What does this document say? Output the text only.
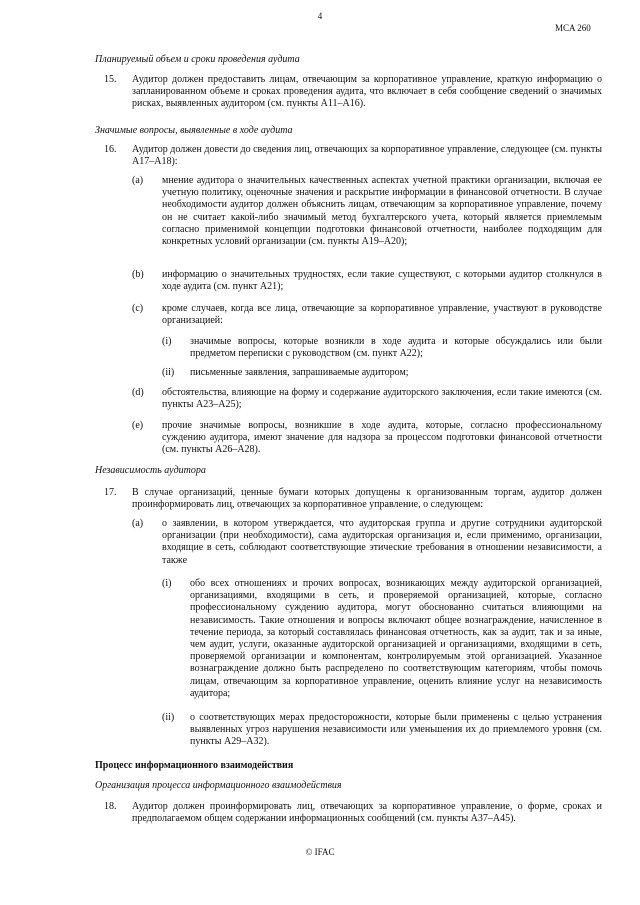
4
MCA 260
Планируемый объем и сроки проведения аудита
15. Аудитор должен предоставить лицам, отвечающим за корпоративное управление, краткую информацию о запланированном объеме и сроках проведения аудита, что включает в себя сообщение сведений о значимых рисках, выявленных аудитором (см. пункты А11–А16).
Значимые вопросы, выявленные в ходе аудита
16. Аудитор должен довести до сведения лиц, отвечающих за корпоративное управление, следующее (см. пункты А17–А18):
(a) мнение аудитора о значительных качественных аспектах учетной практики организации, включая ее учетную политику, оценочные значения и раскрытие информации в финансовой отчетности. В случае необходимости аудитор должен объяснить лицам, отвечающим за корпоративное управление, почему он не считает какой-либо значимый метод бухгалтерского учета, который является приемлемым согласно применимой концепции подготовки финансовой отчетности, наиболее подходящим для конкретных условий организации (см. пункты А19–А20);
(b) информацию о значительных трудностях, если такие существуют, с которыми аудитор столкнулся в ходе аудита (см. пункт А21);
(c) кроме случаев, когда все лица, отвечающие за корпоративное управление, участвуют в руководстве организацией:
(i) значимые вопросы, которые возникли в ходе аудита и которые обсуждались или были предметом переписки с руководством (см. пункт А22);
(ii) письменные заявления, запрашиваемые аудитором;
(d) обстоятельства, влияющие на форму и содержание аудиторского заключения, если такие имеются (см. пункты А23–А25);
(e) прочие значимые вопросы, возникшие в ходе аудита, которые, согласно профессиональному суждению аудитора, имеют значение для надзора за процессом подготовки финансовой отчетности (см. пункты А26–А28).
Независимость аудитора
17. В случае организаций, ценные бумаги которых допущены к организованным торгам, аудитор должен проинформировать лиц, отвечающих за корпоративное управление, о следующем:
(a) о заявлении, в котором утверждается, что аудиторская группа и другие сотрудники аудиторской организации (при необходимости), сама аудиторская организация и, если применимо, организации, входящие в сеть, соблюдают соответствующие этические требования в отношении независимости, а также
(i) обо всех отношениях и прочих вопросах, возникающих между аудиторской организацией, организациями, входящими в сеть, и проверяемой организацией, которые, согласно профессиональному суждению аудитора, могут обоснованно считаться влияющими на независимость. Такие отношения и вопросы включают общее вознаграждение, начисленное в течение периода, за который составлялась финансовая отчетность, как за аудит, так и за иные, чем аудит, услуги, оказанные аудиторской организацией и организациями, входящими в сеть, проверяемой организации и компонентам, контролируемым этой организацией. Указанное вознаграждение должно быть распределено по соответствующим категориям, чтобы помочь лицам, отвечающим за корпоративное управление, оценить влияние услуг на независимость аудитора;
(ii) о соответствующих мерах предосторожности, которые были применены с целью устранения выявленных угроз нарушения независимости или уменьшения их до приемлемого уровня (см. пункты А29–А32).
Процесс информационного взаимодействия
Организация процесса информационного взаимодействия
18. Аудитор должен проинформировать лиц, отвечающих за корпоративное управление, о форме, сроках и предполагаемом общем содержании информационных сообщений (см. пункты А37–А45).
© IFAC
